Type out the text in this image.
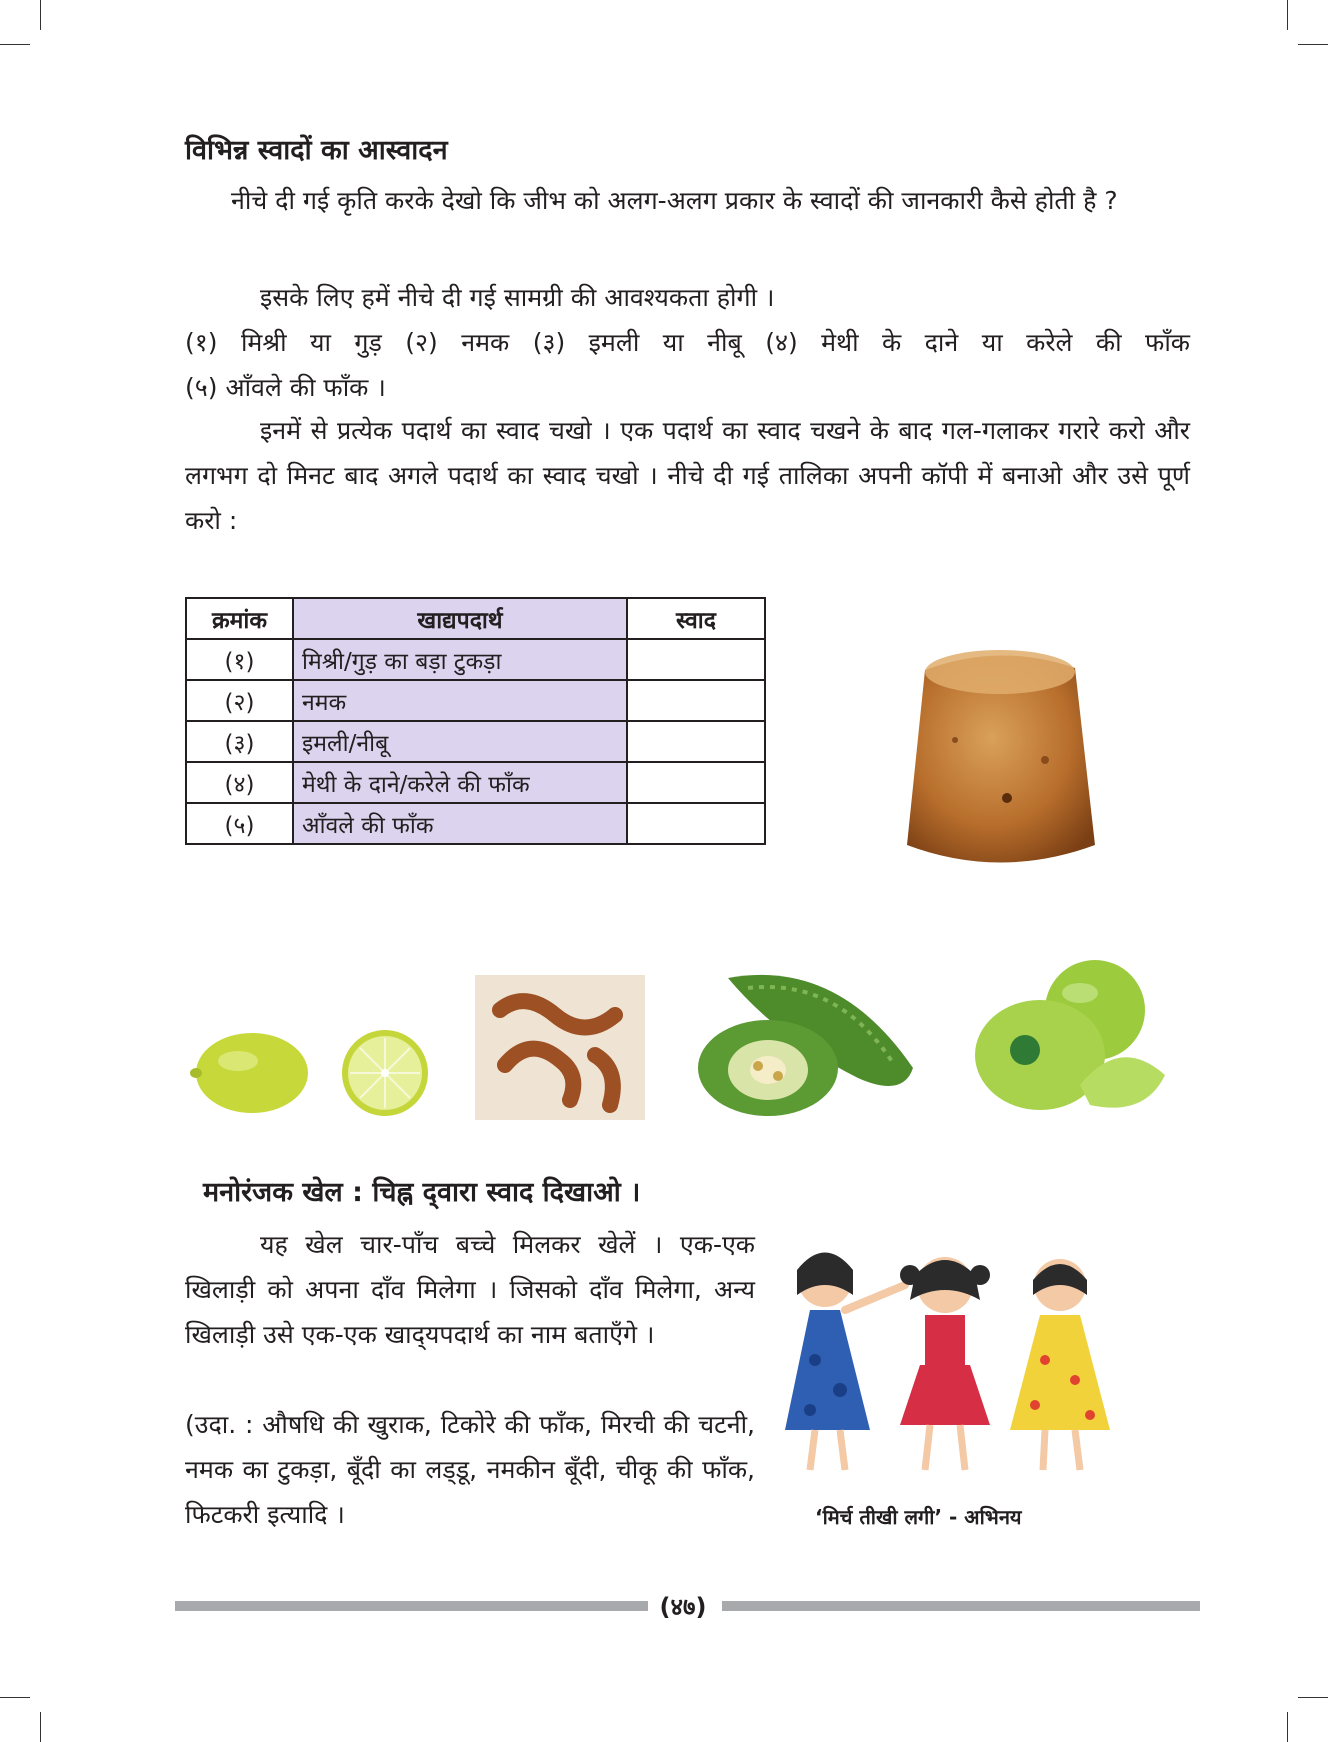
विभिन्न स्वादों का आस्वादन
नीचे दी गई कृति करके देखो कि जीभ को अलग-अलग प्रकार के स्वादों की जानकारी कैसे होती है ?
इसके लिए हमें नीचे दी गई सामग्री की आवश्यकता होगी ।
(१) मिश्री या गुड़ (२) नमक (३) इमली या नीबू (४) मेथी के दाने या करेले की फाँक
(५) आँवले की फाँक ।
इनमें से प्रत्येक पदार्थ का स्वाद चखो । एक पदार्थ का स्वाद चखने के बाद गल-गलाकर गरारे करो और लगभग दो मिनट बाद अगले पदार्थ का स्वाद चखो । नीचे दी गई तालिका अपनी कॉपी में बनाओ और उसे पूर्ण करो :
क्रमांक	खाद्यपदार्थ	स्वाद
(१)	मिश्री/गुड़ का बड़ा टुकड़ा	
(२)	नमक	
(३)	इमली/नीबू	
(४)	मेथी के दाने/करेले की फाँक	
(५)	आँवले की फाँक	
मनोरंजक खेल : चिह्न द्‌वारा स्वाद दिखाओ ।
यह खेल चार-पाँच बच्चे मिलकर खेलें । एक-एक खिलाड़ी को अपना दाँव मिलेगा । जिसको दाँव मिलेगा, अन्य खिलाड़ी उसे एक-एक खाद्‌यपदार्थ का नाम बताएँगे ।
(उदा. : औषधि की खुराक, टिकोरे की फाँक, मिरची की चटनी, नमक का टुकड़ा, बूँदी का लड्‌डू, नमकीन बूँदी, चीकू की फाँक, फिटकरी इत्यादि ।	‘मिर्च तीखी लगी’ - अभिनय
(४७)
